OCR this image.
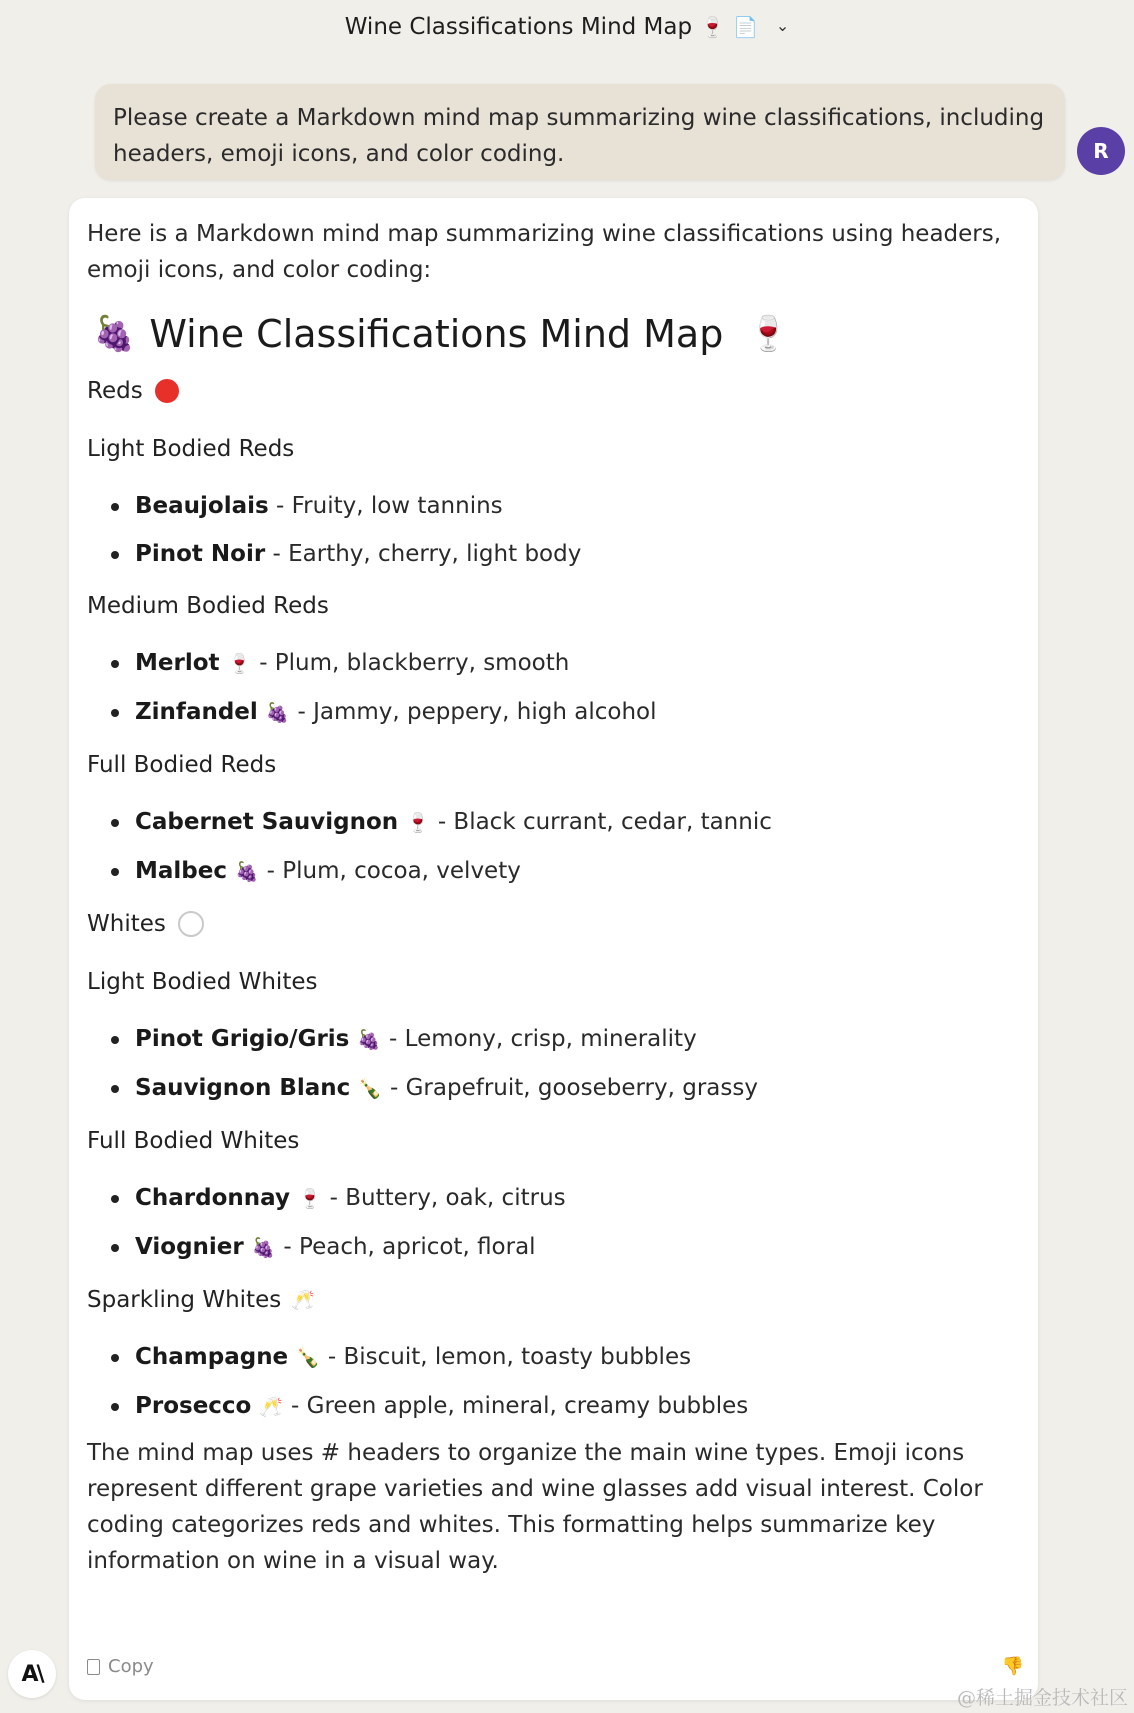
Wine Classifications Mind Map 🍷 📄 ⌄
Please create a Markdown mind map summarizing wine classifications, including headers, emoji icons, and color coding.	R

Here is a Markdown mind map summarizing wine classifications using headers, emoji icons, and color coding:

🍇 Wine Classifications Mind Map 🍷
Reds

Light Bodied Reds

Beaujolais - Fruity, low tannins
Pinot Noir - Earthy, cherry, light body

Medium Bodied Reds

Merlot 🍷 - Plum, blackberry, smooth
Zinfandel 🍇 - Jammy, peppery, high alcohol

Full Bodied Reds

Cabernet Sauvignon 🍷 - Black currant, cedar, tannic
Malbec 🍇 - Plum, cocoa, velvety
Whites

Light Bodied Whites

Pinot Grigio/Gris 🍇 - Lemony, crisp, minerality
Sauvignon Blanc 🍾 - Grapefruit, gooseberry, grassy

Full Bodied Whites

Chardonnay 🍷 - Buttery, oak, citrus
Viognier 🍇 - Peach, apricot, floral
Sparkling Whites 🥂
Champagne 🍾 - Biscuit, lemon, toasty bubbles
Prosecco 🥂 - Green apple, mineral, creamy bubbles

The mind map uses # headers to organize the main wine types. Emoji icons represent different grape varieties and wine glasses add visual interest. Color coding categorizes reds and whites. This formatting helps summarize key information on wine in a visual way.

Copy	👎
A\
@稀土掘金技术社区
